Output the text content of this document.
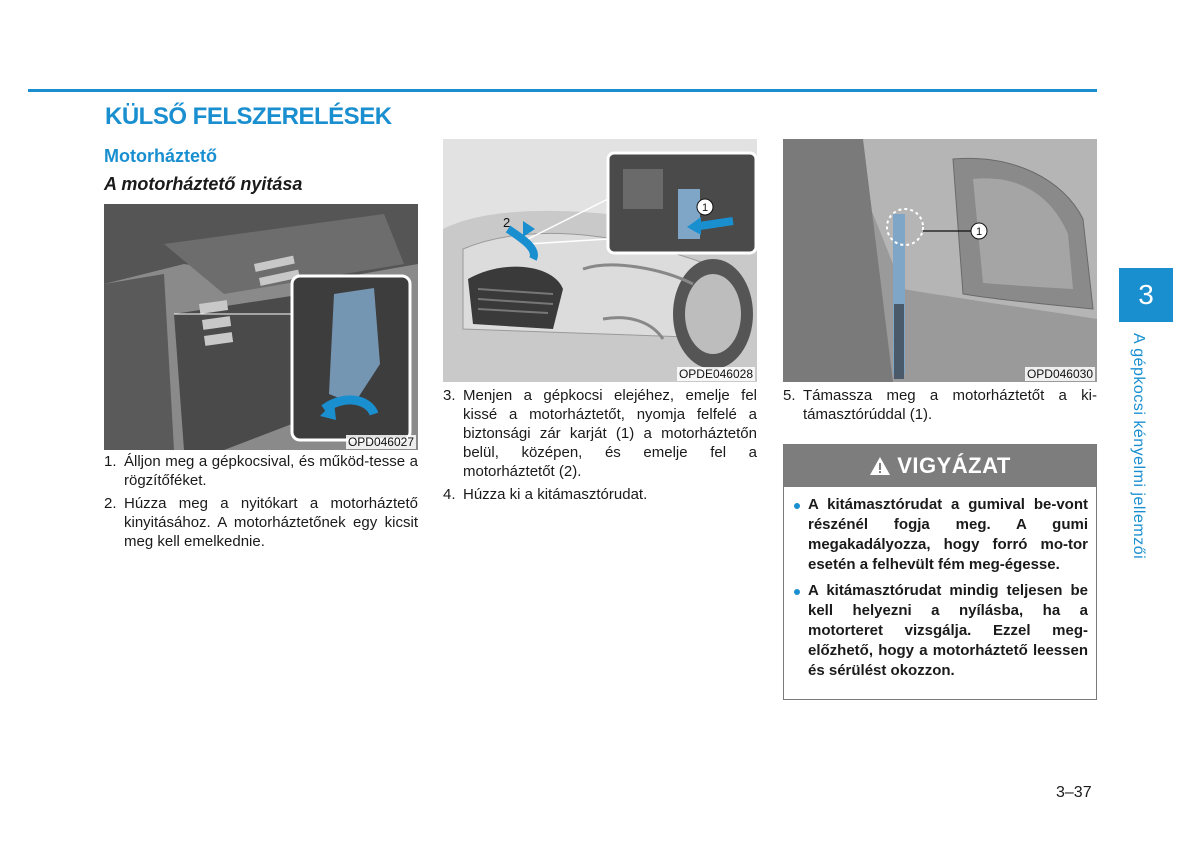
KÜLSŐ FELSZERELÉSEK
Motorháztető
A motorháztető nyitása
OPD046027
1
2
OPDE046028
1
OPD046030
1. Álljon meg a gépkocsival, és működ-tesse a rögzítőféket.
2. Húzza meg a nyitókart a motorháztető kinyitásához. A motorháztetőnek egy kicsit meg kell emelkednie.
3. Menjen a gépkocsi elejéhez, emelje fel kissé a motorháztetőt, nyomja felfelé a biztonsági zár karját (1) a motorháztetőn belül, középen, és emelje fel a motorháztetőt (2).
4. Húzza ki a kitámasztórudat.
5. Támassza meg a motorháztetőt a ki-támasztórúddal (1).
VIGYÁZAT
A kitámasztórudat a gumival be-vont részénél fogja meg. A gumi megakadályozza, hogy forró mo-tor esetén a felhevült fém meg-égesse.
A kitámasztórudat mindig teljesen be kell helyezni a nyílásba, ha a motorteret vizsgálja. Ezzel meg-előzhető, hogy a motorháztető leessen és sérülést okozzon.
3
A gépkocsi kényelmi jellemzői
3–37
